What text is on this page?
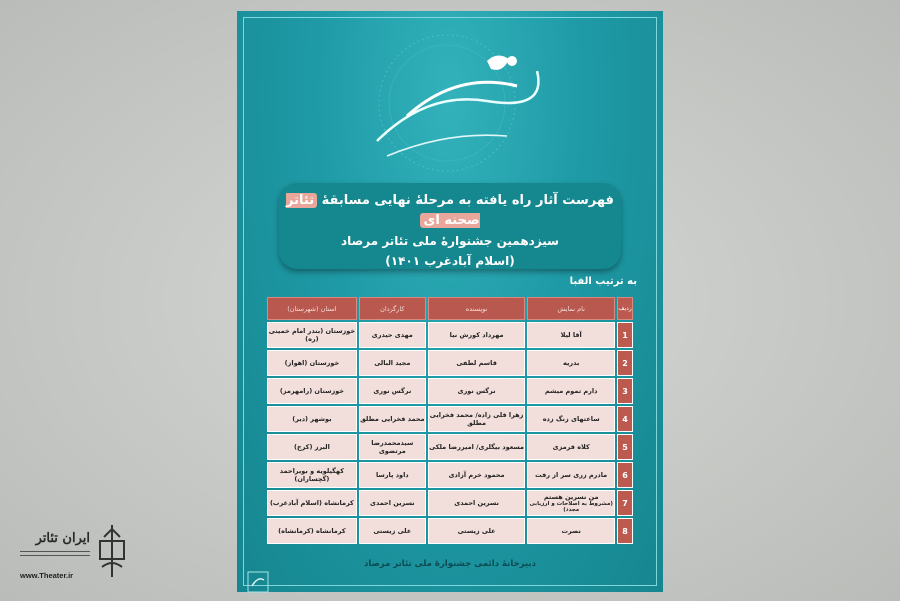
فهرست آثار راه یافته به مرحلهٔ نهایی مسابقهٔ تئاتر صحنه ای
سیزدهمین جشنوارهٔ ملی تئاتر مرصاد
(اسلام آبادغرب ۱۴۰۱)
به ترتیب الفبا
ردیف	نام نمایش	نویسنده	کارگردان	استان (شهرستان)
1	آقا لیلا	مهرداد کورش نیا	مهدی حیدری	خوزستان (بندر امام خمینی (ره)
2	بدریه	قاسم لطفی	مجید البالی	خوزستان (اهواز)
3	دارم تموم میشم	نرگس نوری	نرگس نوری	خوزستان (رامهرمز)
4	ساعتهای زنگ زده	زهرا قلی زاده/ محمد فخرایی مطلق	محمد فخرایی مطلق	بوشهر (دیر)
5	کلاه قرمزی	مسعود بیگلری/ امیررضا ملکی	سیدمحمدرضا مرتضوی	البرز (کرج)
6	مادرم زری سر از رفت	محمود خرم آزادی	داود پارسا	کهگیلویه و بویراحمد (گچساران)
7	من نسرین هستم
(مشروط به اصلاحات و ارزیابی مجدد)	نسرین احمدی	نسرین احمدی	کرمانشاه (اسلام آبادغرب)
8	نصرت	علی زیستی	علی زیستی	کرمانشاه (کرمانشاه)
دبیرخانهٔ دائمی جشنوارهٔ ملی تئاتر مرصاد
ایران تئاتر
www.Theater.ir
